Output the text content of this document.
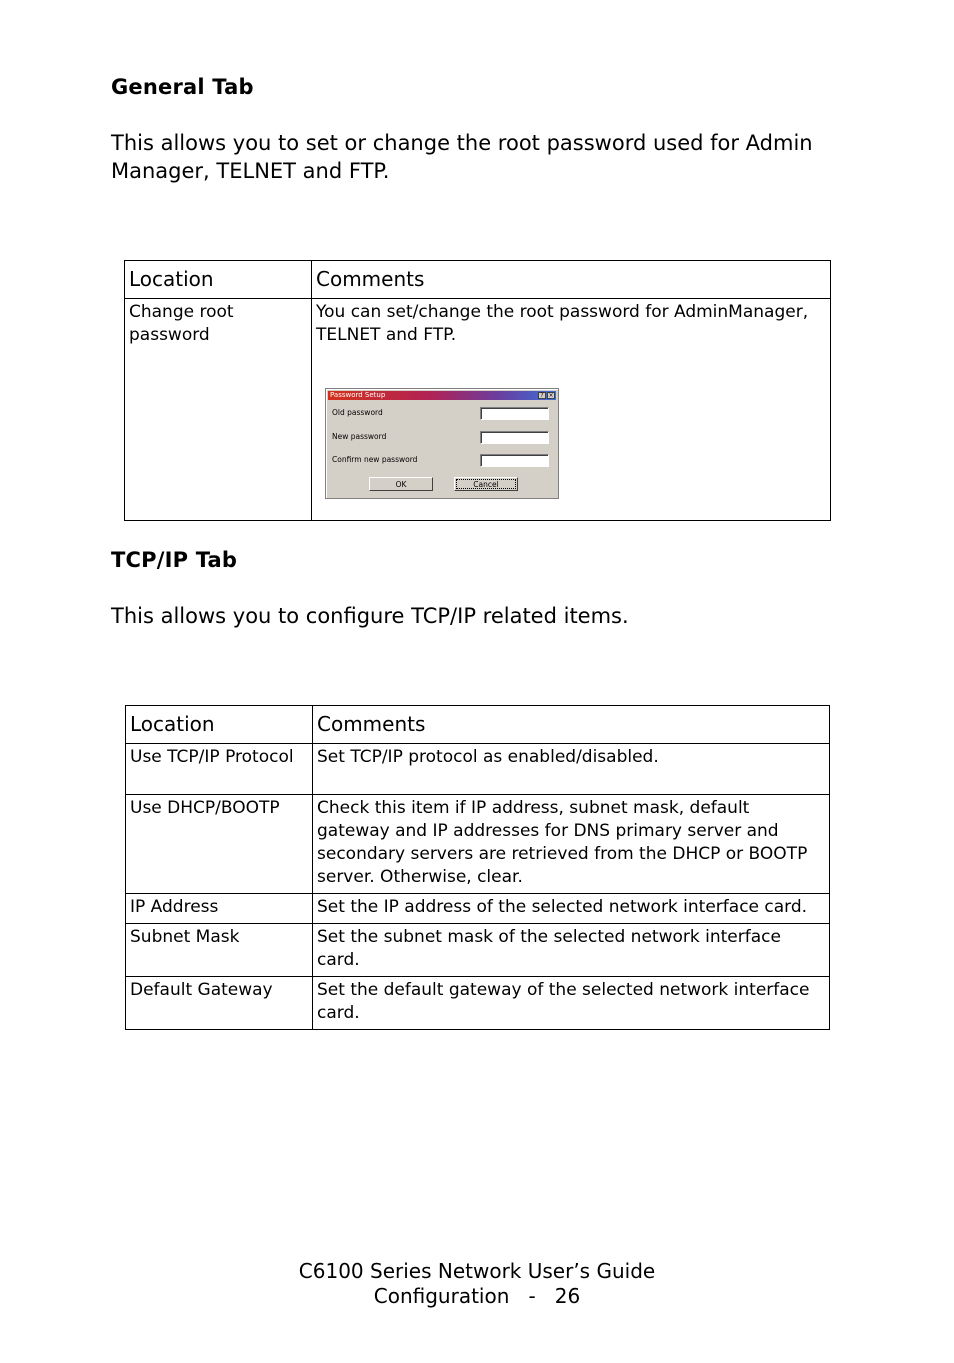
General Tab

This allows you to set or change the root password used for Admin Manager, TELNET and FTP.

Location	Comments
Change root password	You can set/change the root password for AdminManager, TELNET and FTP.
Password Setup	? ×
Old password
New password
Confirm new password
OK	Cancel
TCP/IP Tab

This allows you to configure TCP/IP related items.

Location	Comments
Use TCP/IP Protocol	Set TCP/IP protocol as enabled/disabled.
Use DHCP/BOOTP	Check this item if IP address, subnet mask, default gateway and IP addresses for DNS primary server and secondary servers are retrieved from the DHCP or BOOTP server. Otherwise, clear.
IP Address	Set the IP address of the selected network interface card.
Subnet Mask	Set the subnet mask of the selected network interface card.
Default Gateway	Set the default gateway of the selected network interface card.

C6100 Series Network User’s Guide

Configuration   -   26
